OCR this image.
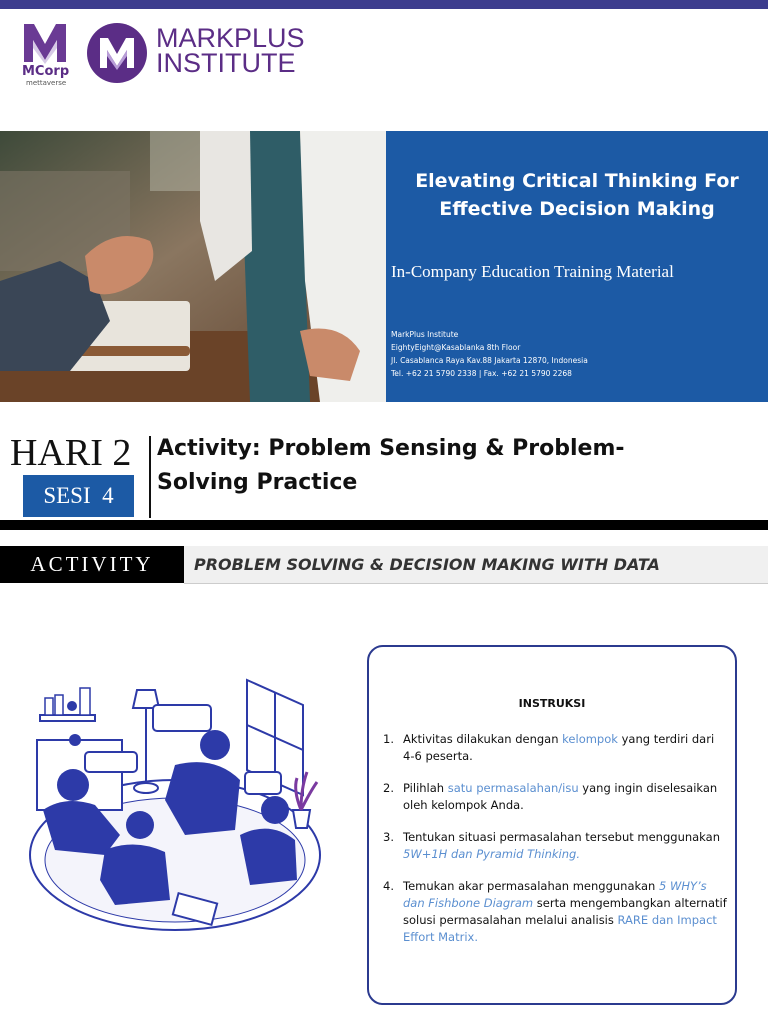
MCorp
mettaverse
MARKPLUS
INSTITUTE
Elevating Critical Thinking For
Effective Decision Making
In-Company Education Training Material
MarkPlus Institute
EightyEight@Kasablanka 8th Floor
Jl. Casablanca Raya Kav.88 Jakarta 12870, Indonesia
Tel. +62 21 5790 2338 | Fax. +62 21 5790 2268
HARI 2
SESI  4
Activity: Problem Sensing & Problem-
Solving Practice
ACTIVITY	PROBLEM SOLVING & DECISION MAKING WITH DATA
INSTRUKSI
1. Aktivitas dilakukan dengan kelompok yang terdiri dari 4-6 peserta.
2. Pilihlah satu permasalahan/isu yang ingin diselesaikan oleh kelompok Anda.
3. Tentukan situasi permasalahan tersebut menggunakan 5W+1H dan Pyramid Thinking.
4. Temukan akar permasalahan menggunakan 5 WHY’s dan Fishbone Diagram serta mengembangkan alternatif solusi permasalahan melalui analisis RARE dan Impact Effort Matrix.
